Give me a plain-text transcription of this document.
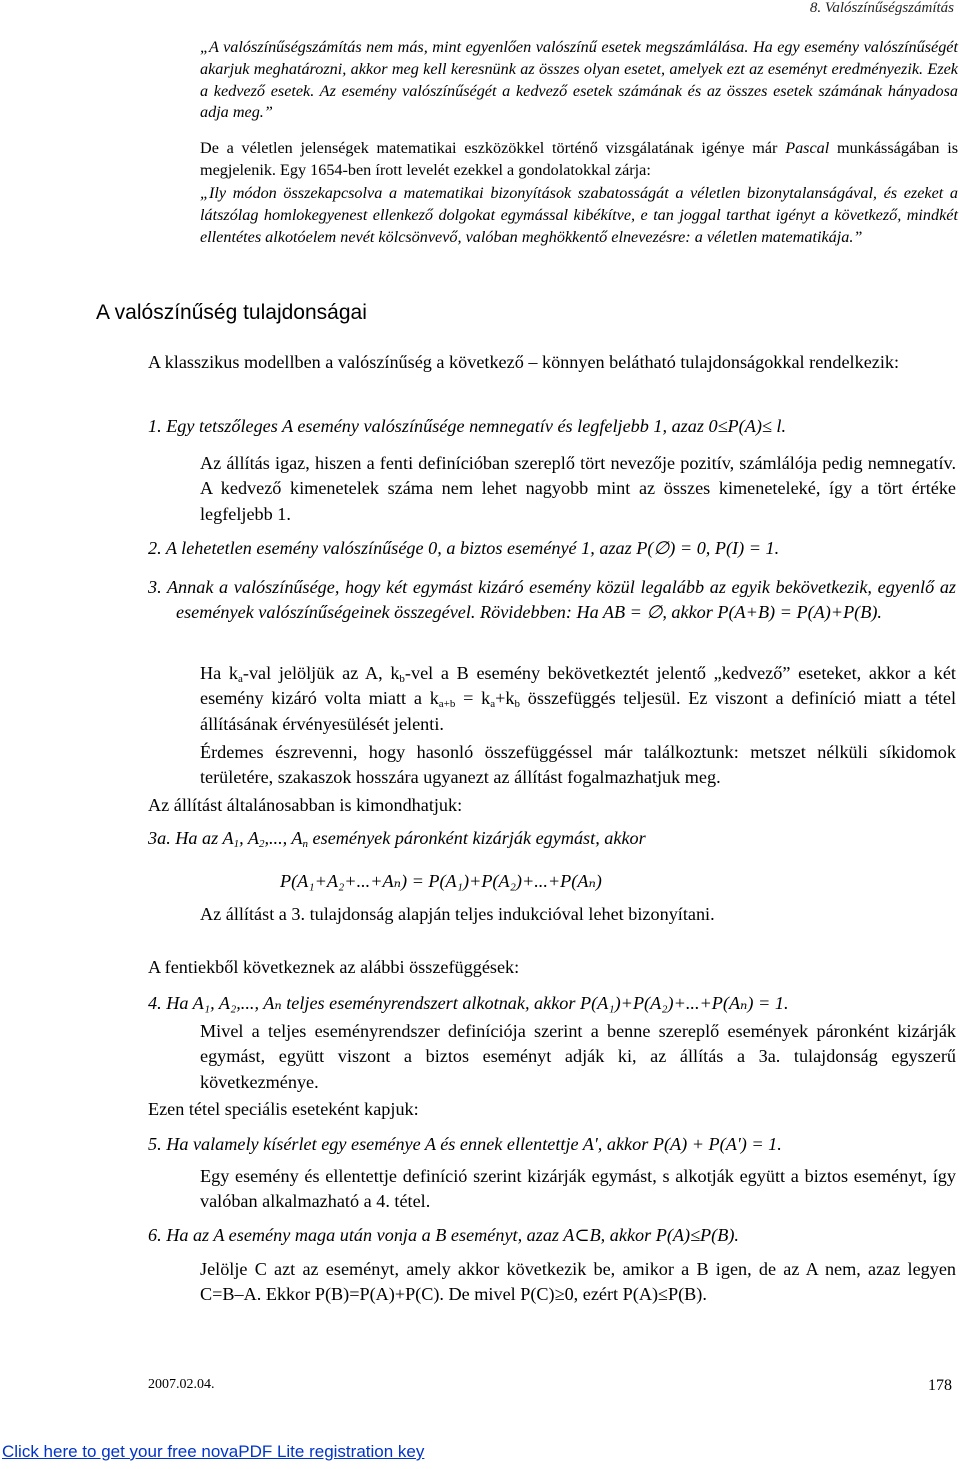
8. Valószínűségszámítás
„A valószínűségszámítás nem más, mint egyenlően valószínű esetek megszámlálása. Ha egy esemény valószínűségét akarjuk meghatározni, akkor meg kell keresnünk az összes olyan esetet, amelyek ezt az eseményt eredményezik. Ezek a kedvező esetek. Az esemény valószínűségét a kedvező esetek számának és az összes esetek számának hányadosa adja meg.”
De a véletlen jelenségek matematikai eszközökkel történő vizsgálatának igénye már Pascal munkásságában is megjelenik. Egy 1654-ben írott levelét ezekkel a gondolatokkal zárja:
„Ily módon összekapcsolva a matematikai bizonyítások szabatosságát a véletlen bizonytalanságával, és ezeket a látszólag homlokegyenest ellenkező dolgokat egymással kibékítve, e tan joggal tarthat igényt a következő, mindkét ellentétes alkotóelem nevét kölcsönvevő, valóban meghökkentő elnevezésre: a véletlen matematikája.”
A valószínűség tulajdonságai
A klasszikus modellben a valószínűség a következő – könnyen belátható tulajdonságokkal rendelkezik:
1. Egy tetszőleges A esemény valószínűsége nemnegatív és legfeljebb 1, azaz 0≤P(A)≤ l.
Az állítás igaz, hiszen a fenti definícióban szereplő tört nevezője pozitív, számlálója pedig nemnegatív. A kedvező kimenetelek száma nem lehet nagyobb mint az összes kimeneteleké, így a tört értéke legfeljebb 1.
2. A lehetetlen esemény valószínűsége 0, a biztos eseményé 1, azaz P(∅) = 0, P(I) = 1.
3. Annak a valószínűsége, hogy két egymást kizáró esemény közül legalább az egyik bekövetkezik, egyenlő az események valószínűségeinek összegével. Rövidebben: Ha AB = ∅, akkor P(A+B) = P(A)+P(B).
Ha $k_a$-val jelöljük az A, $k_b$-vel a B esemény bekövetkeztét jelentő „kedvező” eseteket, akkor a két esemény kizáró volta miatt a $k_{a+b} = k_a+k_b$ összefüggés teljesül. Ez viszont a definíció miatt a tétel állításának érvényesülését jelenti.
Érdemes észrevenni, hogy hasonló összefüggéssel már találkoztunk: metszet nélküli síkidomok területére, szakaszok hosszára ugyanezt az állítást fogalmazhatjuk meg.
Az állítást általánosabban is kimondhatjuk:
3a. Ha az $A_1$, $A_2$,..., $A_n$ események páronként kizárják egymást, akkor
P(A₁+A₂+...+Aₙ) = P(A₁)+P(A₂)+...+P(Aₙ)
Az állítást a 3. tulajdonság alapján teljes indukcióval lehet bizonyítani.
A fentiekből következnek az alábbi összefüggések:
4. Ha A₁, A₂,..., Aₙ teljes eseményrendszert alkotnak, akkor P(A₁)+P(A₂)+...+P(Aₙ) = 1.
Mivel a teljes eseményrendszer definíciója szerint a benne szereplő események páronként kizárják egymást, együtt viszont a biztos eseményt adják ki, az állítás a 3a. tulajdonság egyszerű következménye.
Ezen tétel speciális eseteként kapjuk:
5. Ha valamely kísérlet egy eseménye A és ennek ellentettje A', akkor P(A) + P(A') = 1.
Egy esemény és ellentettje definíció szerint kizárják egymást, s alkotják együtt a biztos eseményt, így valóban alkalmazható a 4. tétel.
6. Ha az A esemény maga után vonja a B eseményt, azaz A⊂B, akkor P(A)≤P(B).
Jelölje C azt az eseményt, amely akkor következik be, amikor a B igen, de az A nem, azaz legyen C=B–A. Ekkor P(B)=P(A)+P(C). De mivel P(C)≥0, ezért P(A)≤P(B).
2007.02.04.	178
Click here to get your free novaPDF Lite registration key
